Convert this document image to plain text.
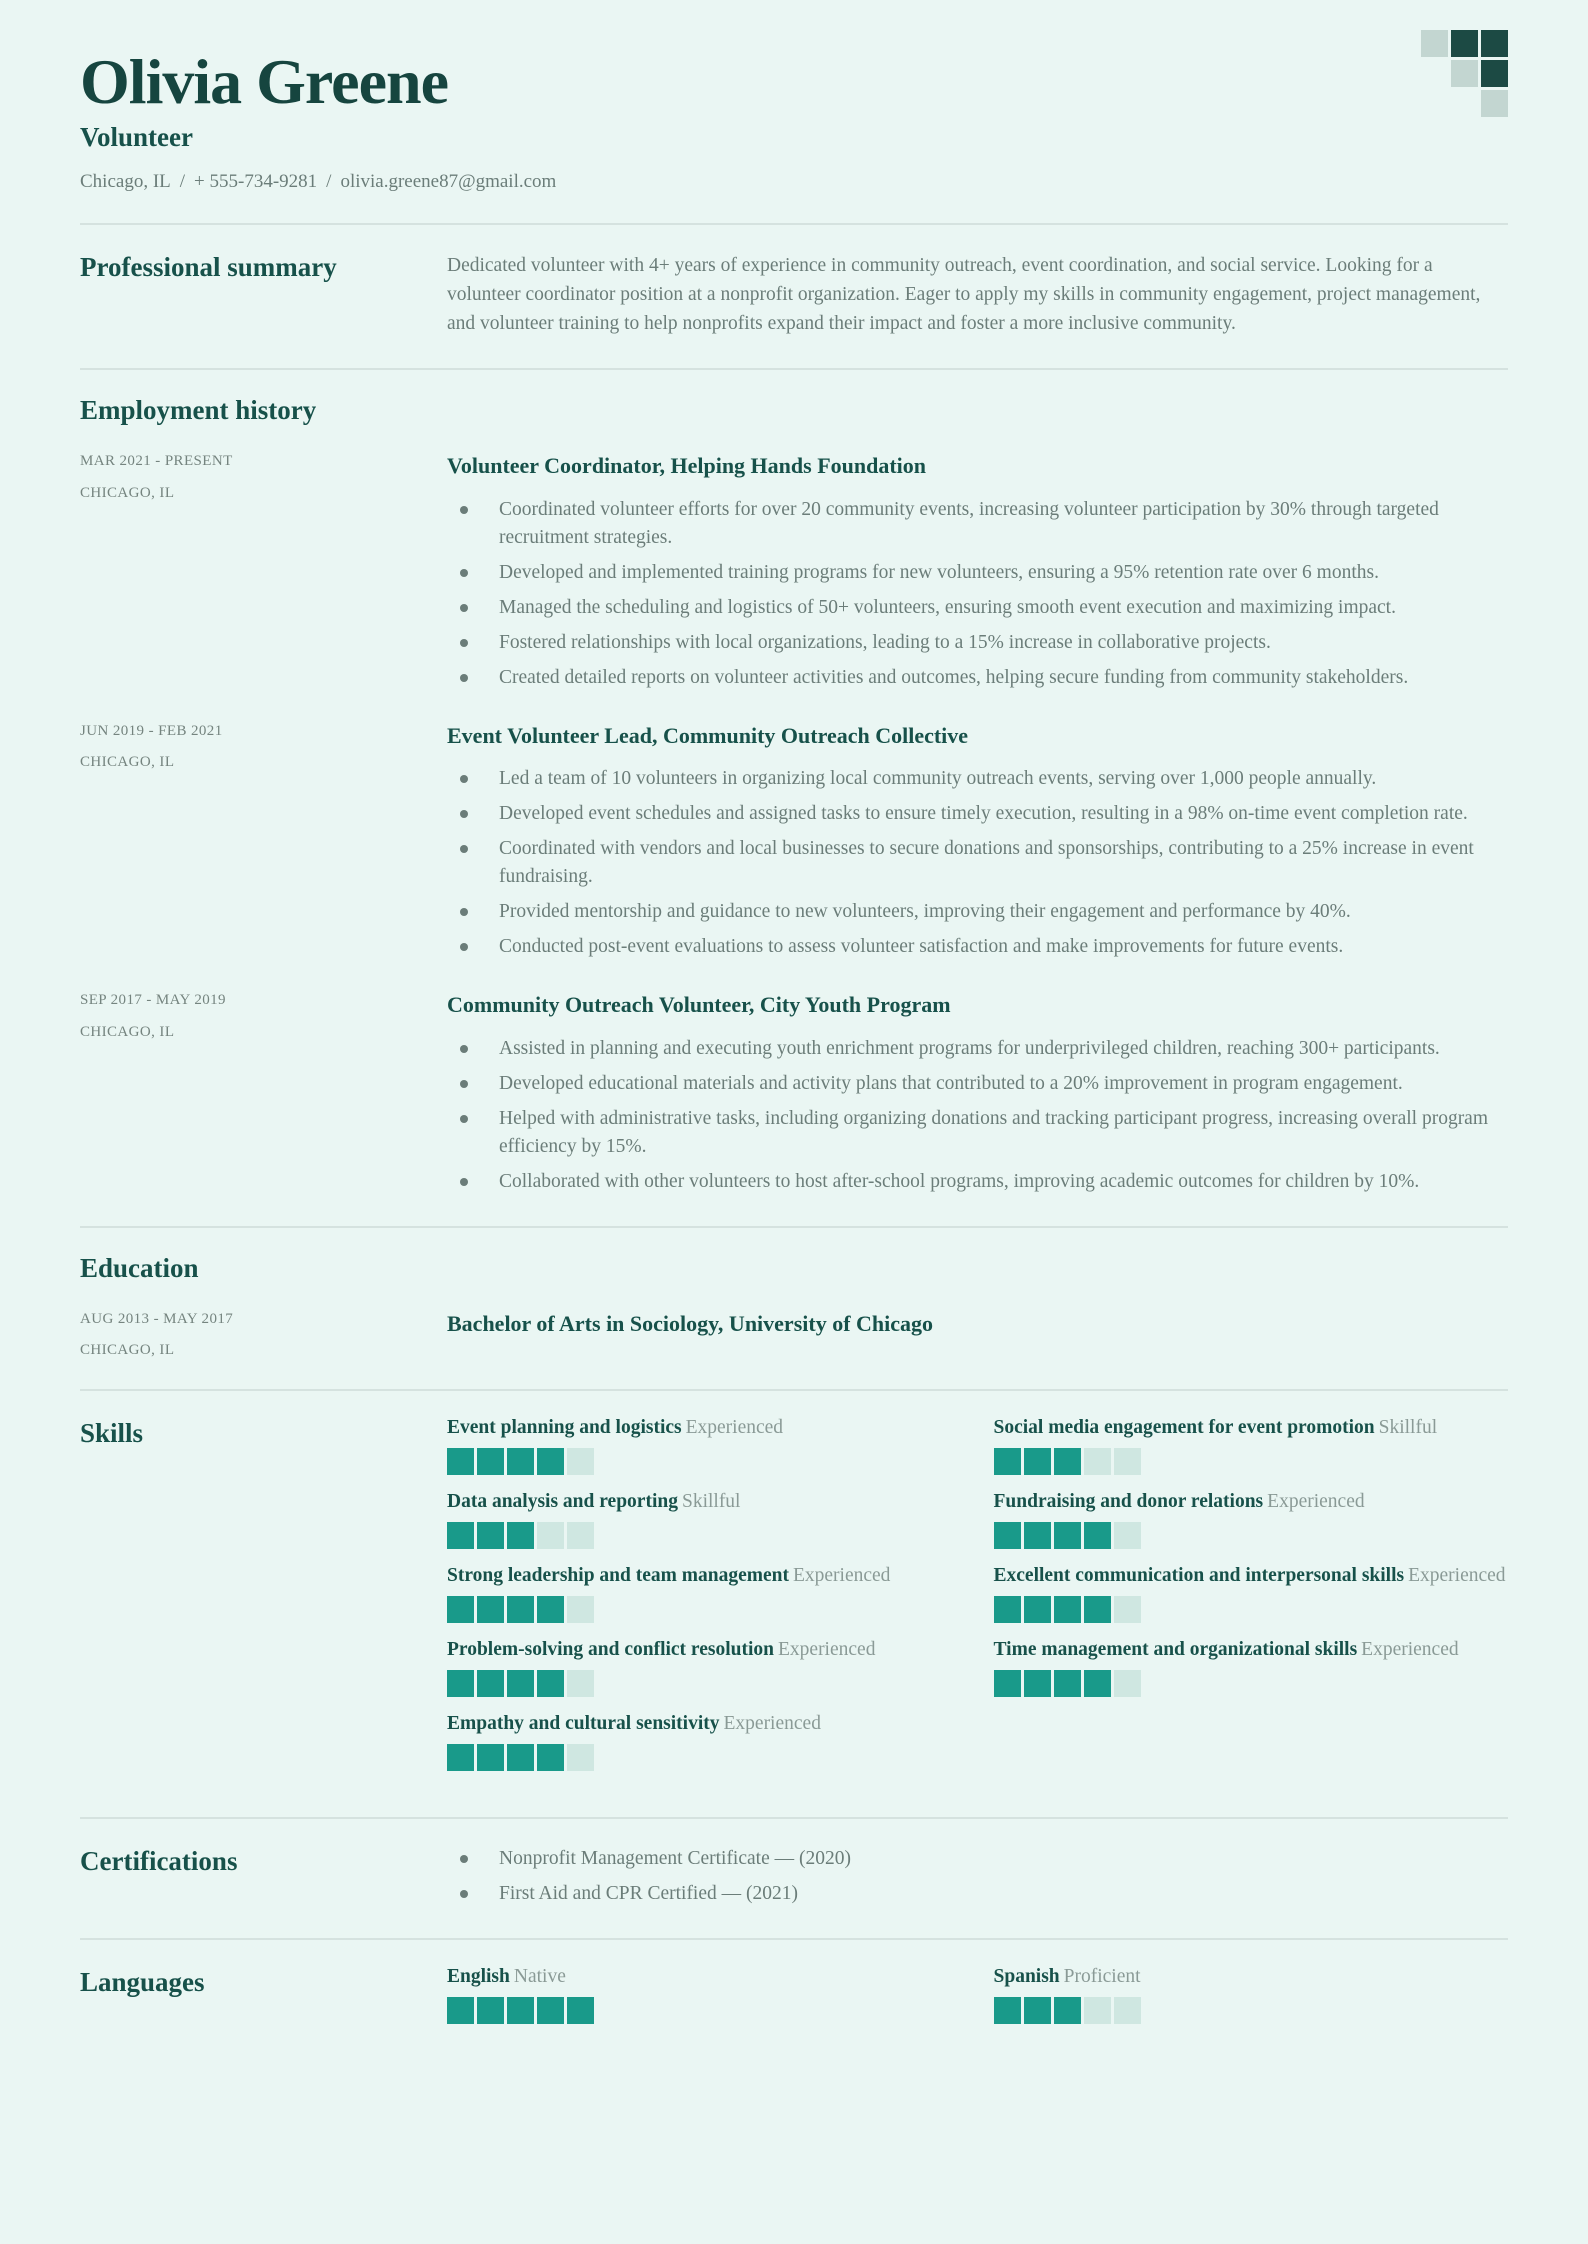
Olivia Greene
Volunteer
Chicago, IL / + 555-734-9281 / olivia.greene87@gmail.com
Professional summary	Dedicated volunteer with 4+ years of experience in community outreach, event coordination, and social service. Looking for a volunteer coordinator position at a nonprofit organization. Eager to apply my skills in community engagement, project management, and volunteer training to help nonprofits expand their impact and foster a more inclusive community.

Employment history
MAR 2021 - PRESENT
CHICAGO, IL
Volunteer Coordinator, Helping Hands Foundation
Coordinated volunteer efforts for over 20 community events, increasing volunteer participation by 30% through targeted recruitment strategies.
Developed and implemented training programs for new volunteers, ensuring a 95% retention rate over 6 months.
Managed the scheduling and logistics of 50+ volunteers, ensuring smooth event execution and maximizing impact.
Fostered relationships with local organizations, leading to a 15% increase in collaborative projects.
Created detailed reports on volunteer activities and outcomes, helping secure funding from community stakeholders.
JUN 2019 - FEB 2021
CHICAGO, IL
Event Volunteer Lead, Community Outreach Collective
Led a team of 10 volunteers in organizing local community outreach events, serving over 1,000 people annually.
Developed event schedules and assigned tasks to ensure timely execution, resulting in a 98% on-time event completion rate.
Coordinated with vendors and local businesses to secure donations and sponsorships, contributing to a 25% increase in event fundraising.
Provided mentorship and guidance to new volunteers, improving their engagement and performance by 40%.
Conducted post-event evaluations to assess volunteer satisfaction and make improvements for future events.
SEP 2017 - MAY 2019
CHICAGO, IL
Community Outreach Volunteer, City Youth Program
Assisted in planning and executing youth enrichment programs for underprivileged children, reaching 300+ participants.
Developed educational materials and activity plans that contributed to a 20% improvement in program engagement.
Helped with administrative tasks, including organizing donations and tracking participant progress, increasing overall program efficiency by 15%.
Collaborated with other volunteers to host after-school programs, improving academic outcomes for children by 10%.
Education
AUG 2013 - MAY 2017
CHICAGO, IL
Bachelor of Arts in Sociology, University of Chicago
Skills	Event planning and logistics Experienced	Social media engagement for event promotion Skillful
Data analysis and reporting Skillful	Fundraising and donor relations Experienced
Strong leadership and team management Experienced	Excellent communication and interpersonal skills Experienced
Problem-solving and conflict resolution Experienced	Time management and organizational skills Experienced
Empathy and cultural sensitivity Experienced
Certifications	Nonprofit Management Certificate — (2020)
First Aid and CPR Certified — (2021)
Languages	English Native	Spanish Proficient
